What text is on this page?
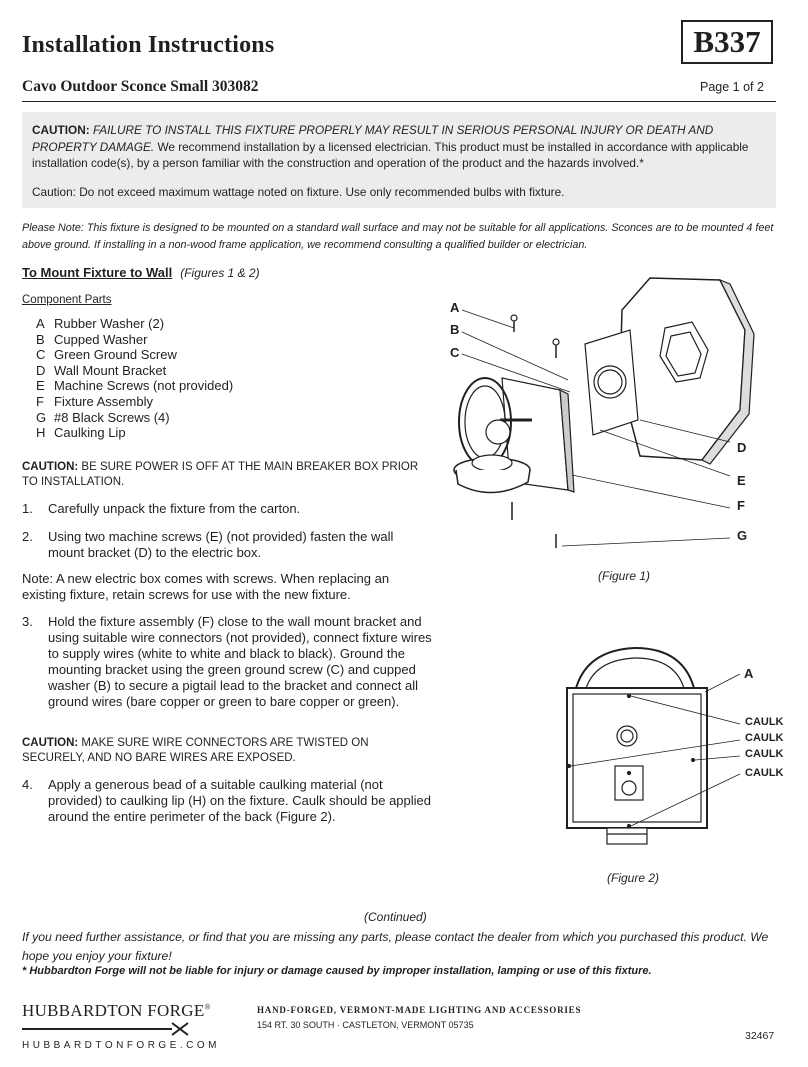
Installation Instructions	B337
Cavo Outdoor Sconce Small 303082	Page 1 of 2

CAUTION: FAILURE TO INSTALL THIS FIXTURE PROPERLY MAY RESULT IN SERIOUS PERSONAL INJURY OR DEATH AND PROPERTY DAMAGE. We recommend installation by a licensed electrician. This product must be installed in accordance with applicable installation code(s), by a person familiar with the construction and operation of the product and the hazards involved.*

Caution: Do not exceed maximum wattage noted on fixture. Use only recommended bulbs with fixture.

Please Note: This fixture is designed to be mounted on a standard wall surface and may not be suitable for all applications. Sconces are to be mounted 4 feet above ground. If installing in a non-wood frame application, we recommend consulting a qualified builder or electrician.
To Mount Fixture to Wall (Figures 1 & 2)
Component Parts
A Rubber Washer (2)
B Cupped Washer
C Green Ground Screw
D Wall Mount Bracket
E Machine Screws (not provided)
F Fixture Assembly
G #8 Black Screws (4)
H Caulking Lip
CAUTION: BE SURE POWER IS OFF AT THE MAIN BREAKER BOX PRIOR TO INSTALLATION.
1.	Carefully unpack the fixture from the carton.
2.	Using two machine screws (E) (not provided) fasten the wall mount bracket (D) to the electric box.
Note: A new electric box comes with screws. When replacing an existing fixture, retain screws for use with the new fixture.
3.	Hold the fixture assembly (F) close to the wall mount bracket and using suitable wire connectors (not provided), connect fixture wires to supply wires (white to white and black to black). Ground the mounting bracket using the green ground screw (C) and cupped washer (B) to secure a pigtail lead to the bracket and connect all ground wires (bare copper or green to bare copper or green).
CAUTION: MAKE SURE WIRE CONNECTORS ARE TWISTED ON SECURELY, AND NO BARE WIRES ARE EXPOSED.
4.	Apply a generous bead of a suitable caulking material (not provided) to caulking lip (H) on the fixture. Caulk should be applied around the entire perimeter of the back (Figure 2).
A
B
C
D
E
F
G
(Figure 1)
A
CAULK
CAULK
CAULK
CAULK
(Figure 2)
(Continued)
If you need further assistance, or find that you are missing any parts, please contact the dealer from which you purchased this product. We hope you enjoy your fixture!
* Hubbardton Forge will not be liable for injury or damage caused by improper installation, lamping or use of this fixture.
HUBBARDTON FORGE®
HUBBARDTONFORGE.COM
HAND-FORGED, VERMONT-MADE LIGHTING AND ACCESSORIES
154 RT. 30 SOUTH · CASTLETON, VERMONT 05735
32467
